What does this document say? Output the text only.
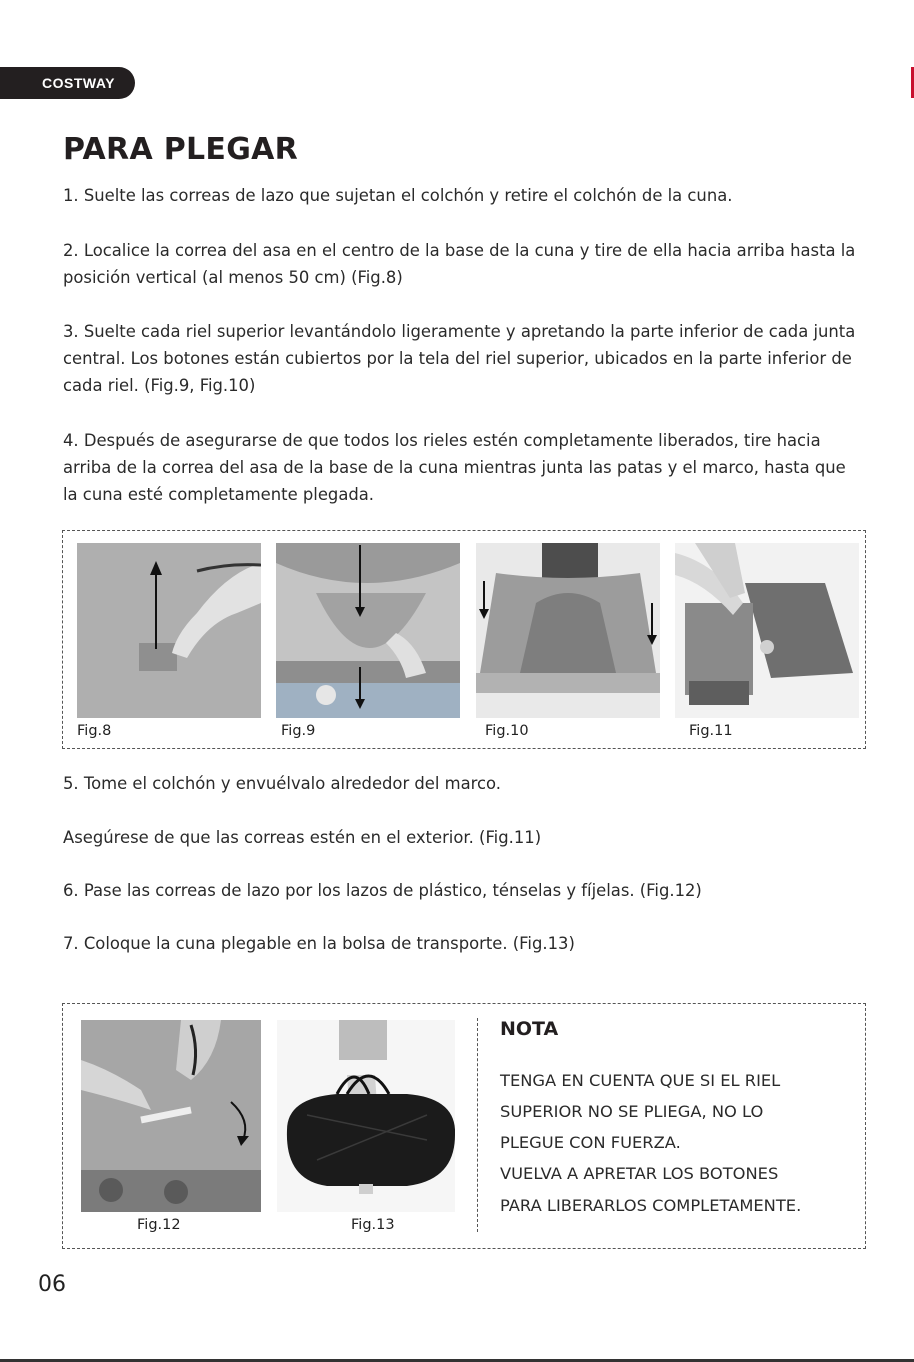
COSTWAY
PARA PLEGAR

1. Suelte las correas de lazo que sujetan el colchón y retire el colchón de la cuna.

2. Localice la correa del asa en el centro de la base de la cuna y tire de ella hacia arriba hasta la posición vertical (al menos 50 cm) (Fig.8)

3. Suelte cada riel superior levantándolo ligeramente y apretando la parte inferior de cada junta central. Los botones están cubiertos por la tela del riel superior, ubicados en la parte inferior de cada riel. (Fig.9, Fig.10)

4. Después de asegurarse de que todos los rieles estén completamente liberados, tire hacia arriba de la correa del asa de la base de la cuna mientras junta las patas y el marco, hasta que la cuna esté completamente plegada.

Fig.8	Fig.9	Fig.10	Fig.11

5. Tome el colchón y envuélvalo alrededor del marco.

Asegúrese de que las correas estén en el exterior. (Fig.11)

6. Pase las correas de lazo por los lazos de plástico, ténselas y fíjelas. (Fig.12)

7. Coloque la cuna plegable en la bolsa de transporte. (Fig.13)

Fig.12	Fig.13
NOTA

TENGA EN CUENTA QUE SI EL RIEL

SUPERIOR NO SE PLIEGA, NO LO

PLEGUE CON FUERZA.

VUELVA A APRETAR LOS BOTONES

PARA LIBERARLOS COMPLETAMENTE.

06
